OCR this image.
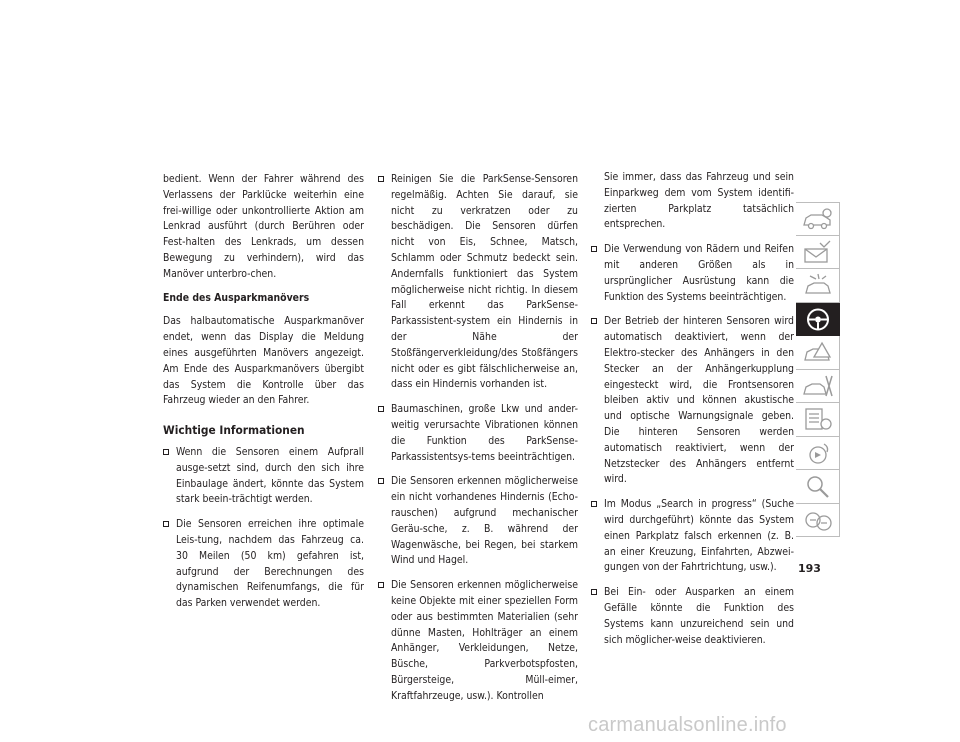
bedient. Wenn der Fahrer während des Verlassens der Parklücke weiterhin eine frei-willige oder unkontrollierte Aktion am Lenkrad ausführt (durch Berühren oder Fest-halten des Lenkrads, um dessen Bewegung zu verhindern), wird das Manöver unterbro-chen.

Ende des Ausparkmanövers

Das halbautomatische Ausparkmanöver endet, wenn das Display die Meldung eines ausgeführten Manövers angezeigt. Am Ende des Ausparkmanövers übergibt das System die Kontrolle über das Fahrzeug wieder an den Fahrer.

Wichtige Informationen

Wenn die Sensoren einem Aufprall ausge-setzt sind, durch den sich ihre Einbaulage ändert, könnte das System stark beein-trächtigt werden.

Die Sensoren erreichen ihre optimale Leis-tung, nachdem das Fahrzeug ca. 30 Meilen (50 km) gefahren ist, aufgrund der Berechnungen des dynamischen Reifenumfangs, die für das Parken verwendet werden.

Reinigen Sie die ParkSense-Sensoren regelmäßig. Achten Sie darauf, sie nicht zu verkratzen oder zu beschädigen. Die Sensoren dürfen nicht von Eis, Schnee, Matsch, Schlamm oder Schmutz bedeckt sein. Andernfalls funktioniert das System möglicherweise nicht richtig. In diesem Fall erkennt das ParkSense-Parkassistent-system ein Hindernis in der Nähe der Stoßfängerverkleidung/des Stoßfängers nicht oder es gibt fälschlicherweise an, dass ein Hindernis vorhanden ist.

Baumaschinen, große Lkw und ander-weitig verursachte Vibrationen können die Funktion des ParkSense-Parkassistentsys-tems beeinträchtigen.

Die Sensoren erkennen möglicherweise ein nicht vorhandenes Hindernis (Echo-rauschen) aufgrund mechanischer Geräu-sche, z. B. während der Wagenwäsche, bei Regen, bei starkem Wind und Hagel.

Die Sensoren erkennen möglicherweise keine Objekte mit einer speziellen Form oder aus bestimmten Materialien (sehr dünne Masten, Hohlträger an einem Anhänger, Verkleidungen, Netze, Büsche, Parkverbotspfosten, Bürgersteige, Müll-eimer, Kraftfahrzeuge, usw.). Kontrollen

Sie immer, dass das Fahrzeug und sein Einparkweg dem vom System identifi-zierten Parkplatz tatsächlich entsprechen.

Die Verwendung von Rädern und Reifen mit anderen Größen als in ursprünglicher Ausrüstung kann die Funktion des Systems beeinträchtigen.

Der Betrieb der hinteren Sensoren wird automatisch deaktiviert, wenn der Elektro-stecker des Anhängers in den Stecker an der Anhängerkupplung eingesteckt wird, die Frontsensoren bleiben aktiv und können akustische und optische Warnungsignale geben. Die hinteren Sensoren werden automatisch reaktiviert, wenn der Netzstecker des Anhängers entfernt wird.

Im Modus „Search in progress“ (Suche wird durchgeführt) könnte das System einen Parkplatz falsch erkennen (z. B. an einer Kreuzung, Einfahrten, Abzwei-gungen von der Fahrtrichtung, usw.).

Bei Ein- oder Ausparken an einem Gefälle könnte die Funktion des Systems kann unzureichend sein und sich möglicher-weise deaktivieren.

193
carmanualsonline.info
